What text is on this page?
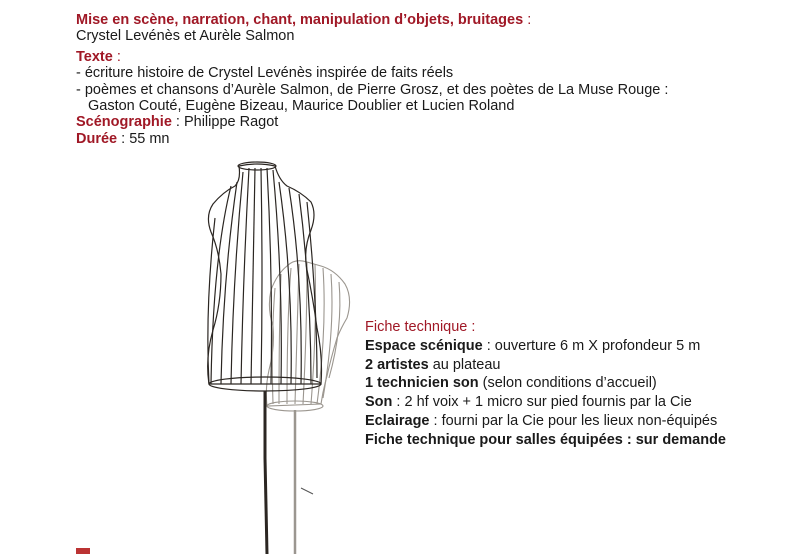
Mise en scène, narration, chant, manipulation d’objets, bruitages :
Crystel Levénès et Aurèle Salmon
Texte :
- écriture histoire de Crystel Levénès inspirée de faits réels
- poèmes et chansons d’Aurèle Salmon, de Pierre Grosz, et des poètes de La Muse Rouge :
Gaston Couté, Eugène Bizeau, Maurice Doublier et Lucien Roland
Scénographie : Philippe Ragot
Durée : 55 mn
Fiche technique :
Espace scénique : ouverture 6 m X profondeur 5 m
2 artistes au plateau
1 technicien son (selon conditions d’accueil)
Son : 2 hf voix + 1 micro sur pied fournis par la Cie
Eclairage : fourni par la Cie pour les lieux non-équipés
Fiche technique pour salles équipées : sur demande
